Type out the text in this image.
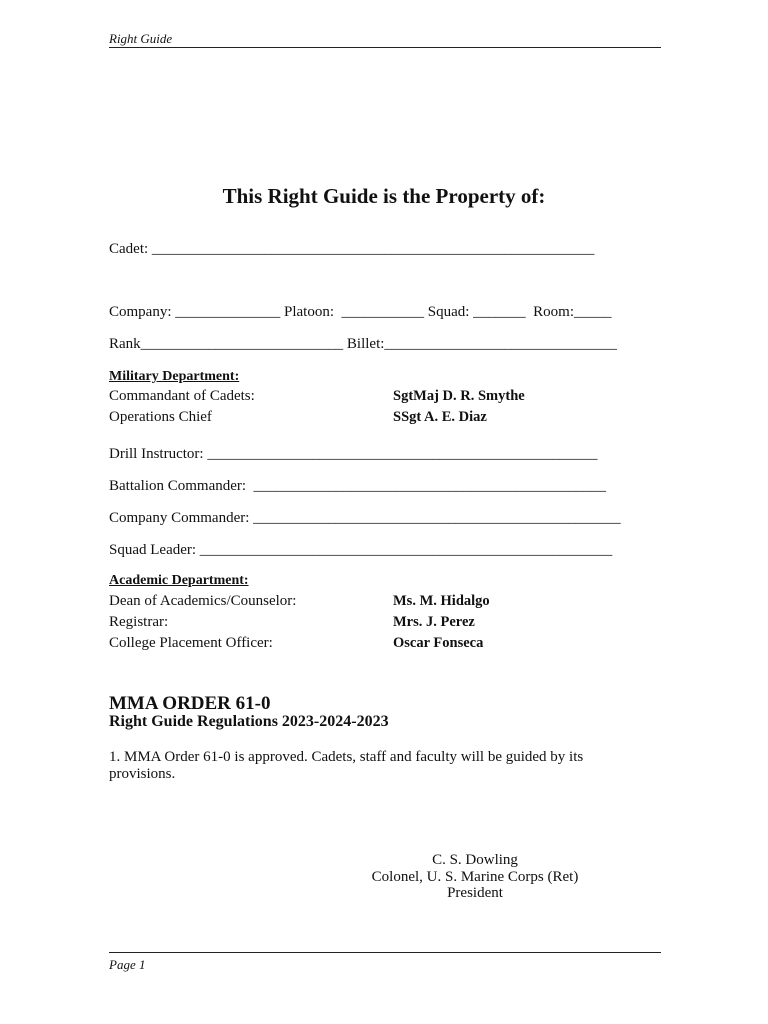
Right Guide
This Right Guide is the Property of:
Cadet: ___________________________________________________________
Company: ______________ Platoon:  ___________ Squad: _______  Room:_____
Rank___________________________ Billet:_______________________________
Military Department:
Commandant of Cadets:	SgtMaj D. R. Smythe
Operations Chief	SSgt A. E. Diaz
Drill Instructor: ____________________________________________________
Battalion Commander:  _______________________________________________
Company Commander: _________________________________________________
Squad Leader: _______________________________________________________
Academic Department:
Dean of Academics/Counselor:	Ms. M. Hidalgo
Registrar:	Mrs. J. Perez
College Placement Officer:	Oscar Fonseca
MMA ORDER 61-0
Right Guide Regulations 2023-2024-2023
1. MMA Order 61-0 is approved. Cadets, staff and faculty will be guided by its provisions.
C. S. Dowling
Colonel, U. S. Marine Corps (Ret)
President
Page 1
